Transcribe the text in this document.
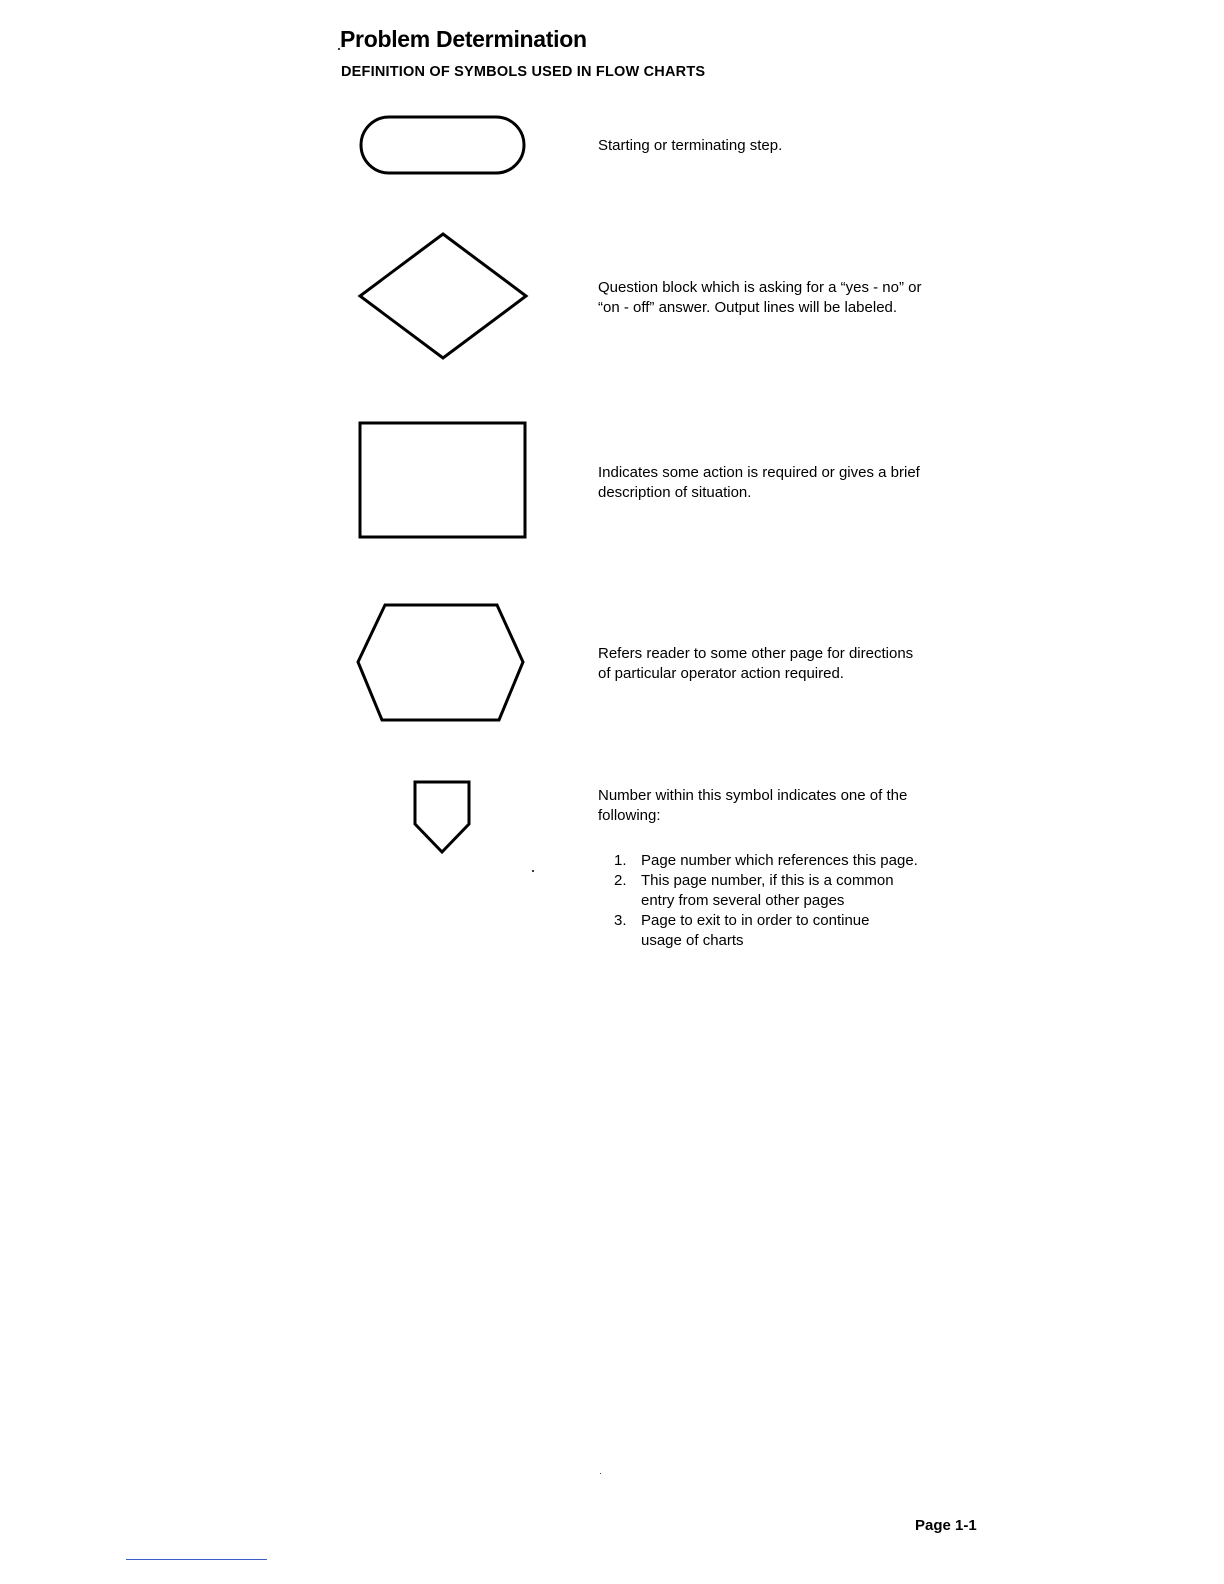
Problem Determination
DEFINITION OF SYMBOLS USED IN FLOW CHARTS

Starting or terminating step.

Question block which is asking for a “yes - no” or

“on - off” answer. Output lines will be labeled.

Indicates some action is required or gives a brief

description of situation.

Refers reader to some other page for directions

of particular operator action required.

Number within this symbol indicates one of the

following:

1. Page number which references this page.
2. This page number, if this is a common
entry from several other pages
3. Page to exit to in order to continue
usage of charts

Page 1-1
